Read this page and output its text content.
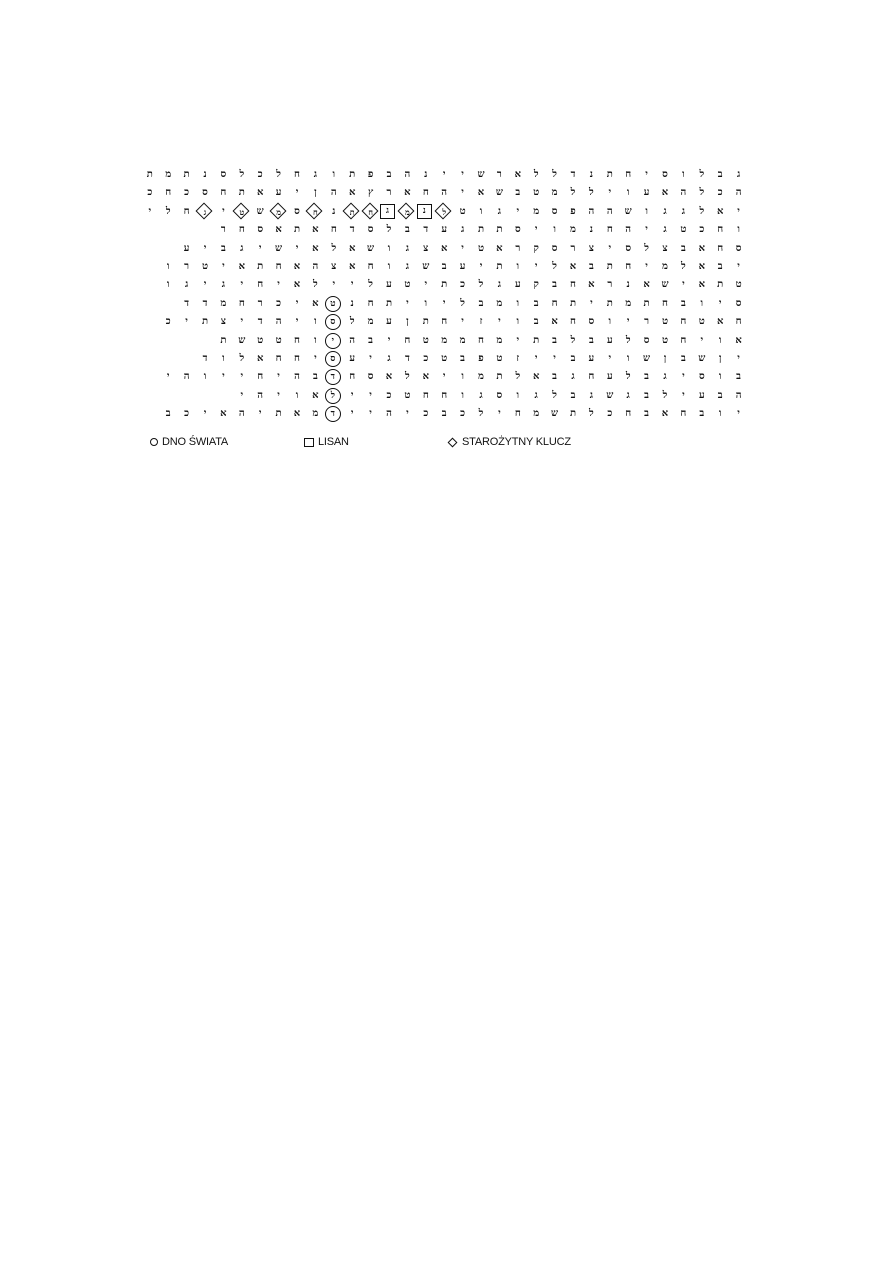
ג
ב
ל
ו
ס
י
ח
ת
נ
ד
ל
ל
א
ר
ש
י
י
נ
ה
ב
פ
ת
ו
ג
ח
ל
כ
ל
ס
נ
ת
מ
ת
ה
כ
ל
ה
א
ע
ו
י
ל
ל
מ
ט
ב
ש
א
י
ה
ח
א
ר
ץ
א
ה
ן
י
ע
א
ת
ח
ס
כ
ח
כ
י
א
ל
ג
ג
ו
ש
ה
ה
פ
ס
מ
י
ג
ו
ט
ל
נ
מ
ג
ח
ת
נ
ח
ס
מ
ש
ט
י
ג
ח
ל
י
ו
ח
כ
ט
ג
י
ה
ח
נ
מ
ו
י
ס
ת
ת
ג
ע
ד
ב
ל
ס
ד
ח
א
ת
א
ס
ח
ר
ס
ח
א
ב
צ
ל
ס
י
צ
ר
ס
ק
ר
א
ט
י
א
צ
ג
ו
ש
א
ל
א
י
ש
י
ג
ב
י
ע
י
ב
א
ל
מ
י
ח
ת
ב
א
ל
י
ו
ת
י
ע
ב
ש
ג
ו
ח
א
צ
ה
א
ח
ת
א
י
ט
ר
ו
ט
ת
א
י
ש
א
נ
ר
א
ח
ב
ק
ע
ג
ל
כ
ת
י
ט
ע
ל
י
י
ל
א
י
ח
י
ג
י
ג
ו
ס
י
ו
ב
ח
ת
מ
ת
י
ת
ח
ב
ו
מ
ב
ל
י
ו
י
ת
ח
נ
ט
א
י
כ
ר
ח
מ
ד
ד
ח
א
ט
ח
ט
ר
י
ו
ס
ח
א
ב
ו
י
ז
י
ח
ת
ן
ע
מ
ל
ס
ו
י
ה
ד
י
צ
ת
י
כ
א
ו
י
ח
ט
ס
ל
ע
ב
ל
ב
ת
י
מ
ח
מ
מ
ט
ח
י
ב
ה
י
ו
ח
ט
ט
ש
ת
י
ן
ש
ב
ן
ש
ו
י
ע
ב
י
י
ז
ט
פ
ב
ט
כ
ד
ג
י
ע
ס
י
ח
ח
א
ל
ו
ד
ב
ו
ס
י
ג
ב
ל
ע
ח
ג
ב
א
ל
ת
מ
ו
י
א
ל
א
ס
ח
ד
ב
ה
י
ח
י
י
ו
ה
י
ה
ב
ע
י
ל
ב
ג
ש
ג
ב
ל
ג
ו
ס
ג
ו
ח
ח
ט
כ
י
י
ל
א
ו
י
ה
י
י
ו
ב
ח
א
ב
ח
כ
ל
ת
ש
מ
ח
י
ל
כ
ב
כ
י
ה
י
י
ד
מ
א
ת
י
ה
א
י
כ
ב
DNO ŚWIATA	LISAN	STAROŻYTNY KLUCZ
